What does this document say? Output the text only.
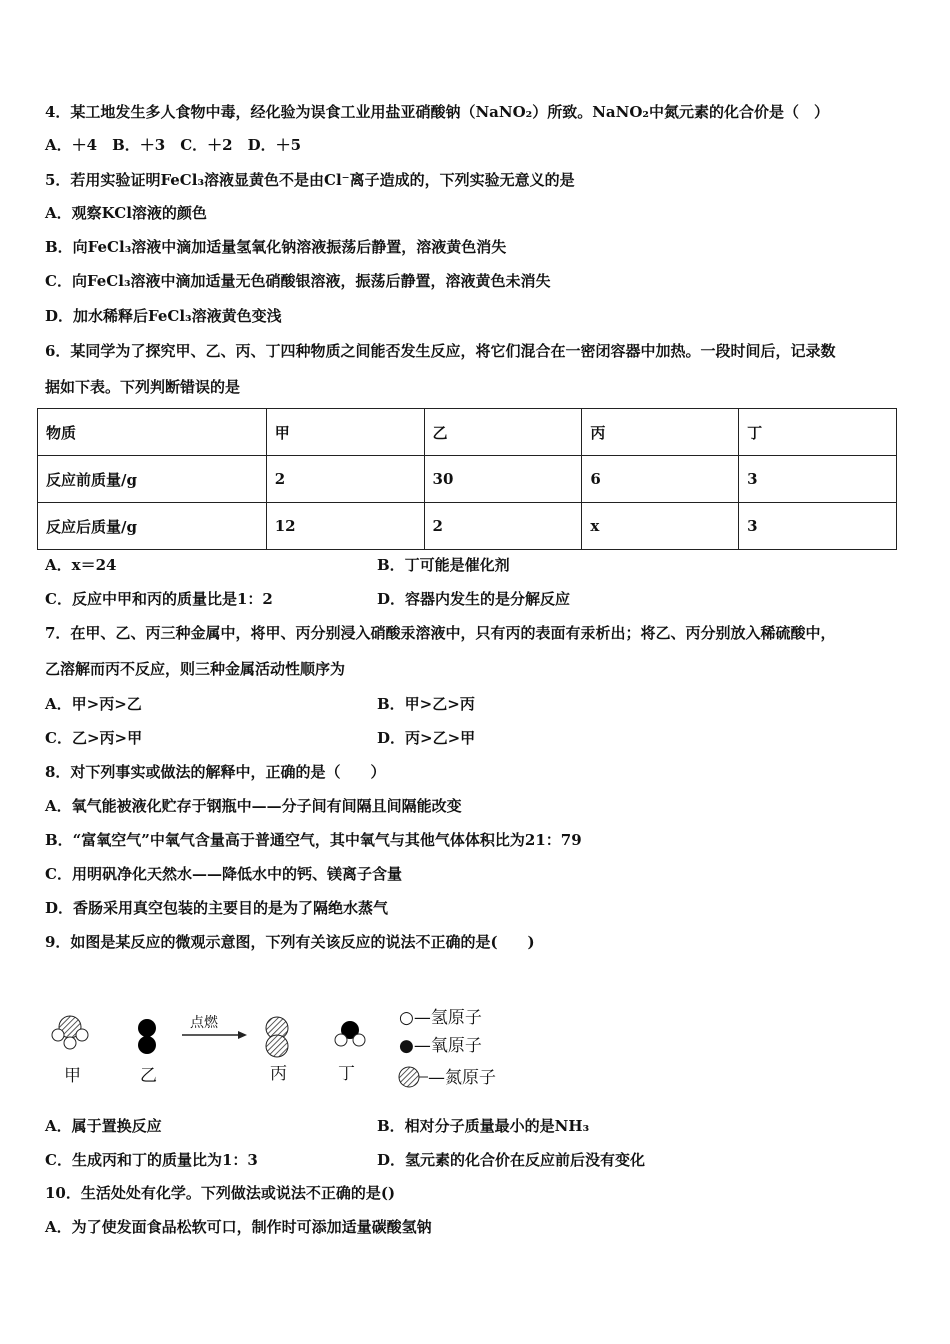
4．某工地发生多人食物中毒，经化验为误食工业用盐亚硝酸钠（NaNO₂）所致。NaNO₂中氮元素的化合价是（　）
A．＋4　B．＋3　C．＋2　D．＋5
5．若用实验证明FeCl₃溶液显黄色不是由Cl⁻离子造成的，下列实验无意义的是
A．观察KCl溶液的颜色
B．向FeCl₃溶液中滴加适量氢氧化钠溶液振荡后静置，溶液黄色消失
C．向FeCl₃溶液中滴加适量无色硝酸银溶液，振荡后静置，溶液黄色未消失
D．加水稀释后FeCl₃溶液黄色变浅
6．某同学为了探究甲、乙、丙、丁四种物质之间能否发生反应，将它们混合在一密闭容器中加热。一段时间后，记录数
据如下表。下列判断错误的是
物质	甲	乙	丙	丁
反应前质量/g	2	30	6	3
反应后质量/g	12	2	x	3
A．x＝24	B．丁可能是催化剂
C．反应中甲和丙的质量比是1：2	D．容器内发生的是分解反应
7．在甲、乙、丙三种金属中，将甲、丙分别浸入硝酸汞溶液中，只有丙的表面有汞析出；将乙、丙分别放入稀硫酸中，
乙溶解而丙不反应，则三种金属活动性顺序为
A．甲>丙>乙	B．甲>乙>丙
C．乙>丙>甲	D．丙>乙>甲
8．对下列事实或做法的解释中，正确的是（　　）
A．氧气能被液化贮存于钢瓶中——分子间有间隔且间隔能改变
B．“富氧空气”中氧气含量高于普通空气，其中氧气与其他气体体积比为21：79
C．用明矾净化天然水——降低水中的钙、镁离子含量
D．香肠采用真空包装的主要目的是为了隔绝水蒸气
9．如图是某反应的微观示意图，下列有关该反应的说法不正确的是(　　)
点燃
甲	乙	丙	丁
○—氢原子
●—氧原子
—氮原子
A．属于置换反应	B．相对分子质量最小的是NH₃
C．生成丙和丁的质量比为1：3	D．氢元素的化合价在反应前后没有变化
10．生活处处有化学。下列做法或说法不正确的是()
A．为了使发面食品松软可口，制作时可添加适量碳酸氢钠
